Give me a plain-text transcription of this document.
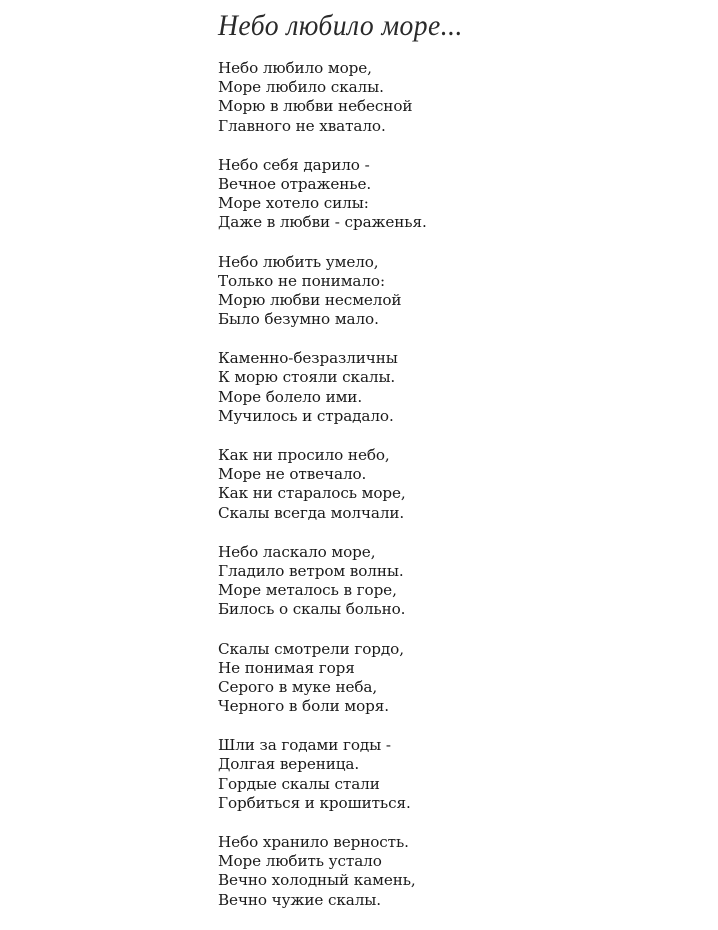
Небо любило море...
Небо любило море,
Море любило скалы.
Морю в любви небесной
Главного не хватало.
Небо себя дарило -
Вечное отраженье.
Море хотело силы:
Даже в любви - сраженья.
Небо любить умело,
Только не понимало:
Морю любви несмелой
Было безумно мало.
Каменно-безразличны
К морю стояли скалы.
Море болело ими.
Мучилось и страдало.
Как ни просило небо,
Море не отвечало.
Как ни старалось море,
Скалы всегда молчали.
Небо ласкало море,
Гладило ветром волны.
Море металось в горе,
Билось о скалы больно.
Скалы смотрели гордо,
Не понимая горя
Серого в муке неба,
Черного в боли моря.
Шли за годами годы -
Долгая вереница.
Гордые скалы стали
Горбиться и крошиться.
Небо хранило верность.
Море любить устало
Вечно холодный камень,
Вечно чужие скалы.
